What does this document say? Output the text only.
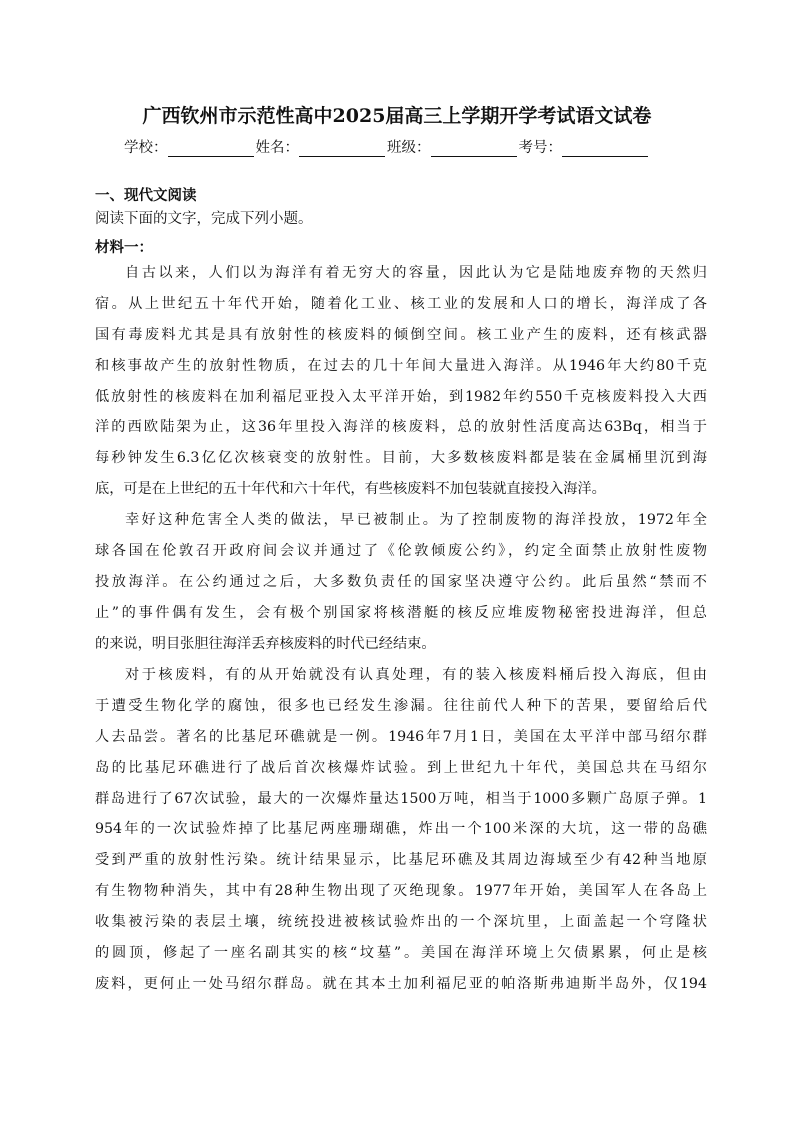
广西钦州市示范性高中2025届高三上学期开学考试语文试卷
学校：	姓名：	班级：	考号：
一、现代文阅读
阅读下面的文字，完成下列小题。
材料一：
自古以来，人们以为海洋有着无穷大的容量，因此认为它是陆地废弃物的天然归
宿。从上世纪五十年代开始，随着化工业、核工业的发展和人口的增长，海洋成了各
国有毒废料尤其是具有放射性的核废料的倾倒空间。核工业产生的废料，还有核武器
和核事故产生的放射性物质，在过去的几十年间大量进入海洋。从1946年大约80千克
低放射性的核废料在加利福尼亚投入太平洋开始，到1982年约550千克核废料投入大西
洋的西欧陆架为止，这36年里投入海洋的核废料，总的放射性活度高达63Bq，相当于
每秒钟发生6.3亿亿次核衰变的放射性。目前，大多数核废料都是装在金属桶里沉到海
底，可是在上世纪的五十年代和六十年代，有些核废料不加包装就直接投入海洋。
幸好这种危害全人类的做法，早已被制止。为了控制废物的海洋投放，1972年全
球各国在伦敦召开政府间会议并通过了《伦敦倾废公约》，约定全面禁止放射性废物
投放海洋。在公约通过之后，大多数负责任的国家坚决遵守公约。此后虽然“禁而不
止”的事件偶有发生，会有极个别国家将核潜艇的核反应堆废物秘密投进海洋，但总
的来说，明目张胆往海洋丢弃核废料的时代已经结束。
对于核废料，有的从开始就没有认真处理，有的装入核废料桶后投入海底，但由
于遭受生物化学的腐蚀，很多也已经发生渗漏。往往前代人种下的苦果，要留给后代
人去品尝。著名的比基尼环礁就是一例。1946年7月1日，美国在太平洋中部马绍尔群
岛的比基尼环礁进行了战后首次核爆炸试验。到上世纪九十年代，美国总共在马绍尔
群岛进行了67次试验，最大的一次爆炸量达1500万吨，相当于1000多颗广岛原子弹。1
954年的一次试验炸掉了比基尼两座珊瑚礁，炸出一个100米深的大坑，这一带的岛礁
受到严重的放射性污染。统计结果显示，比基尼环礁及其周边海域至少有42种当地原
有生物物种消失，其中有28种生物出现了灭绝现象。1977年开始，美国军人在各岛上
收集被污染的表层土壤，统统投进被核试验炸出的一个深坑里，上面盖起一个穹隆状
的圆顶，修起了一座名副其实的核“坟墓”。美国在海洋环境上欠债累累，何止是核
废料，更何止一处马绍尔群岛。就在其本土加利福尼亚的帕洛斯弗迪斯半岛外，仅194
